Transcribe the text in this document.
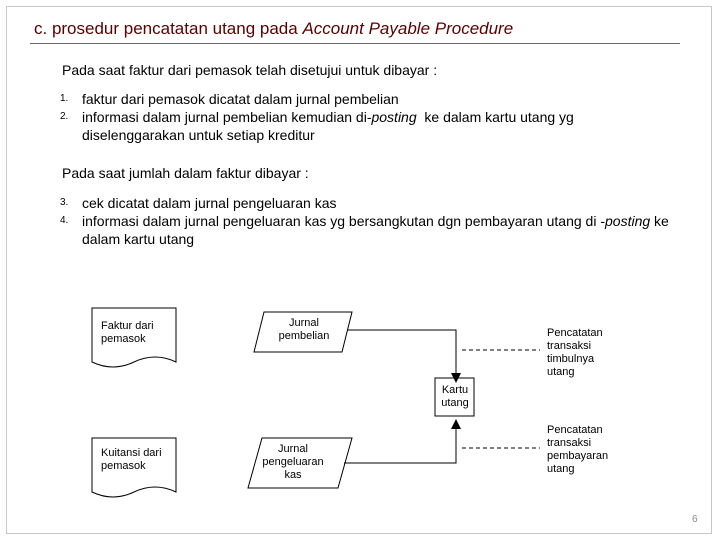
c. prosedur pencatatan utang pada Account Payable Procedure
Pada saat faktur dari pemasok telah disetujui untuk dibayar :

1. faktur dari pemasok dicatat dalam jurnal pembelian

2. informasi dalam jurnal pembelian kemudian di-posting  ke dalam kartu utang yg diselenggarakan untuk setiap kreditur

Pada saat jumlah dalam faktur dibayar :

3. cek dicatat dalam jurnal pengeluaran kas

4. informasi dalam jurnal pengeluaran kas yg bersangkutan dgn pembayaran utang di -posting ke dalam kartu utang

Faktur dari
pemasok
Jurnal
pembelian
Kartu
utang
Kuitansi dari
pemasok
Jurnal
pengeluaran
kas
Pencatatan
transaksi
timbulnya
utang
Pencatatan
transaksi
pembayaran
utang
6
